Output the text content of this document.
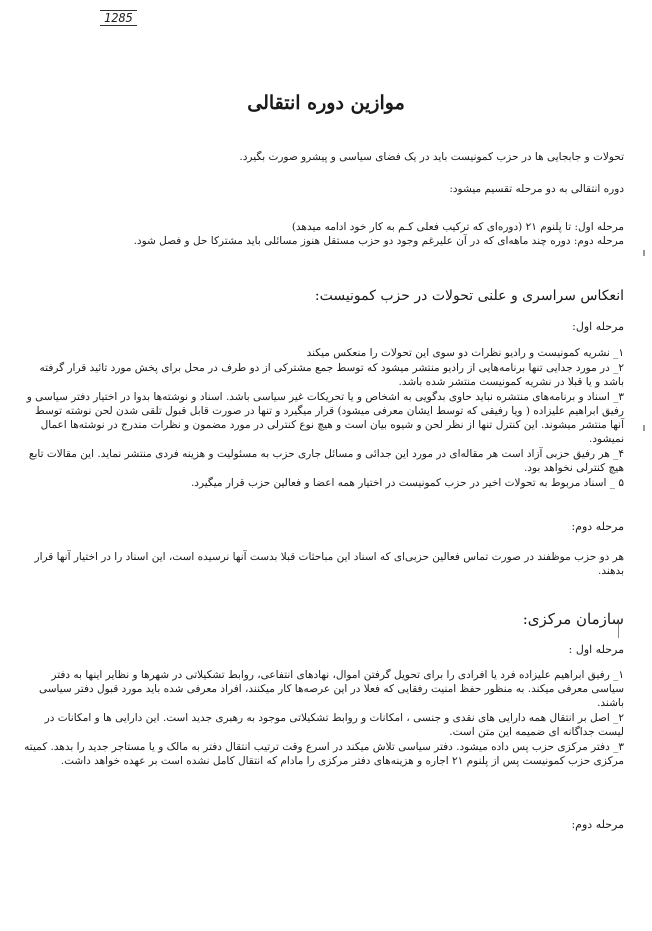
1285
موازین دوره انتقالی

تحولات و جابجایی ها در حزب کمونیست باید در یک فضای سیاسی و پیشرو صورت بگیرد.

دوره انتقالی به دو مرحله تقسیم میشود:

مرحله اول: تا پلنوم ۲۱ (دوره‌ای که ترکیب فعلی کـم به کار خود ادامه میدهد)

مرحله دوم: دوره چند ماهه‌ای که در آن علیرغم وجود دو حزب مستقل هنوز مسائلی باید مشترکا حل و فصل شود.

انعکاس سراسری و علنی تحولات در حزب کمونیست:
مرحله اول:

۱_ نشریه کمونیست و رادیو نظرات دو سوی این تحولات را منعکس میکند

۲_ در مورد جدایی تنها برنامه‌هایی از رادیو منتشر میشود که توسط جمع مشترکی از دو طرف در محل برای پخش مورد تائید قرار گرفته باشد و یا قبلا در نشریه کمونیست منتشر شده باشد.

۳_ اسناد و برنامه‌های منتشره نباید حاوی بدگویی به اشخاص و یا تحریکات غیر سیاسی باشد. اسناد و نوشته‌ها بدوا در اختیار دفتر سیاسی و رفیق ابراهیم علیزاده ( ویا رفیقی که توسط ایشان معرفی میشود) قرار میگیرد و تنها در صورت قابل قبول تلقی شدن لحن نوشته توسط آنها منتشر میشوند. این کنترل تنها از نظر لحن و شیوه بیان است و هیچ نوع کنترلی در مورد مضمون و نظرات مندرج در نوشته‌ها اعمال نمیشود.

۴_ هر رفیق حزبی آزاد است هر مقاله‌ای در مورد این جدائی و مسائل جاری حزب به مسئولیت و هزینه فردی منتشر نماید. این مقالات تابع هیچ کنترلی نخواهد بود.

۵ _ اسناد مربوط به تحولات اخیر در حزب کمونیست در اختیار همه اعضا و فعالین حزب قرار میگیرد.

مرحله دوم:

هر دو حزب موظفند در صورت تماس فعالین حزبی‌ای که اسناد این مباحثات قبلا بدست آنها نرسیده است، این اسناد را در اختیار آنها قرار بدهند.

سازمان مرکزی:
مرحله اول :

۱_ رفیق ابراهیم علیزاده فرد یا افرادی را برای تحویل گرفتن اموال، نهادهای انتفاعی، روابط تشکیلاتی در شهرها و نظایر اینها به دفتر سیاسی معرفی میکند. به منظور حفظ امنیت رفقایی که فعلا در این عرصه‌ها کار میکنند، افراد معرفی شده باید مورد قبول دفتر سیاسی باشند.

۲_ اصل بر انتقال همه دارایی های نقدی و جنسی ، امکانات و روابط تشکیلاتی موجود به رهبری جدید است. این دارایی ها و امکانات در لیست جداگانه ای ضمیمه این متن است.

۳_ دفتر مرکزی حزب پس داده میشود. دفتر سیاسی تلاش میکند در اسرع وقت ترتیب انتقال دفتر به مالک و یا مستاجر جدید را بدهد. کمیته مرکزی حزب کمونیست پس از پلنوم ۲۱ اجاره و هزینه‌های دفتر مرکزی را مادام که انتقال کامل نشده است بر عهده خواهد داشت.

مرحله دوم:
